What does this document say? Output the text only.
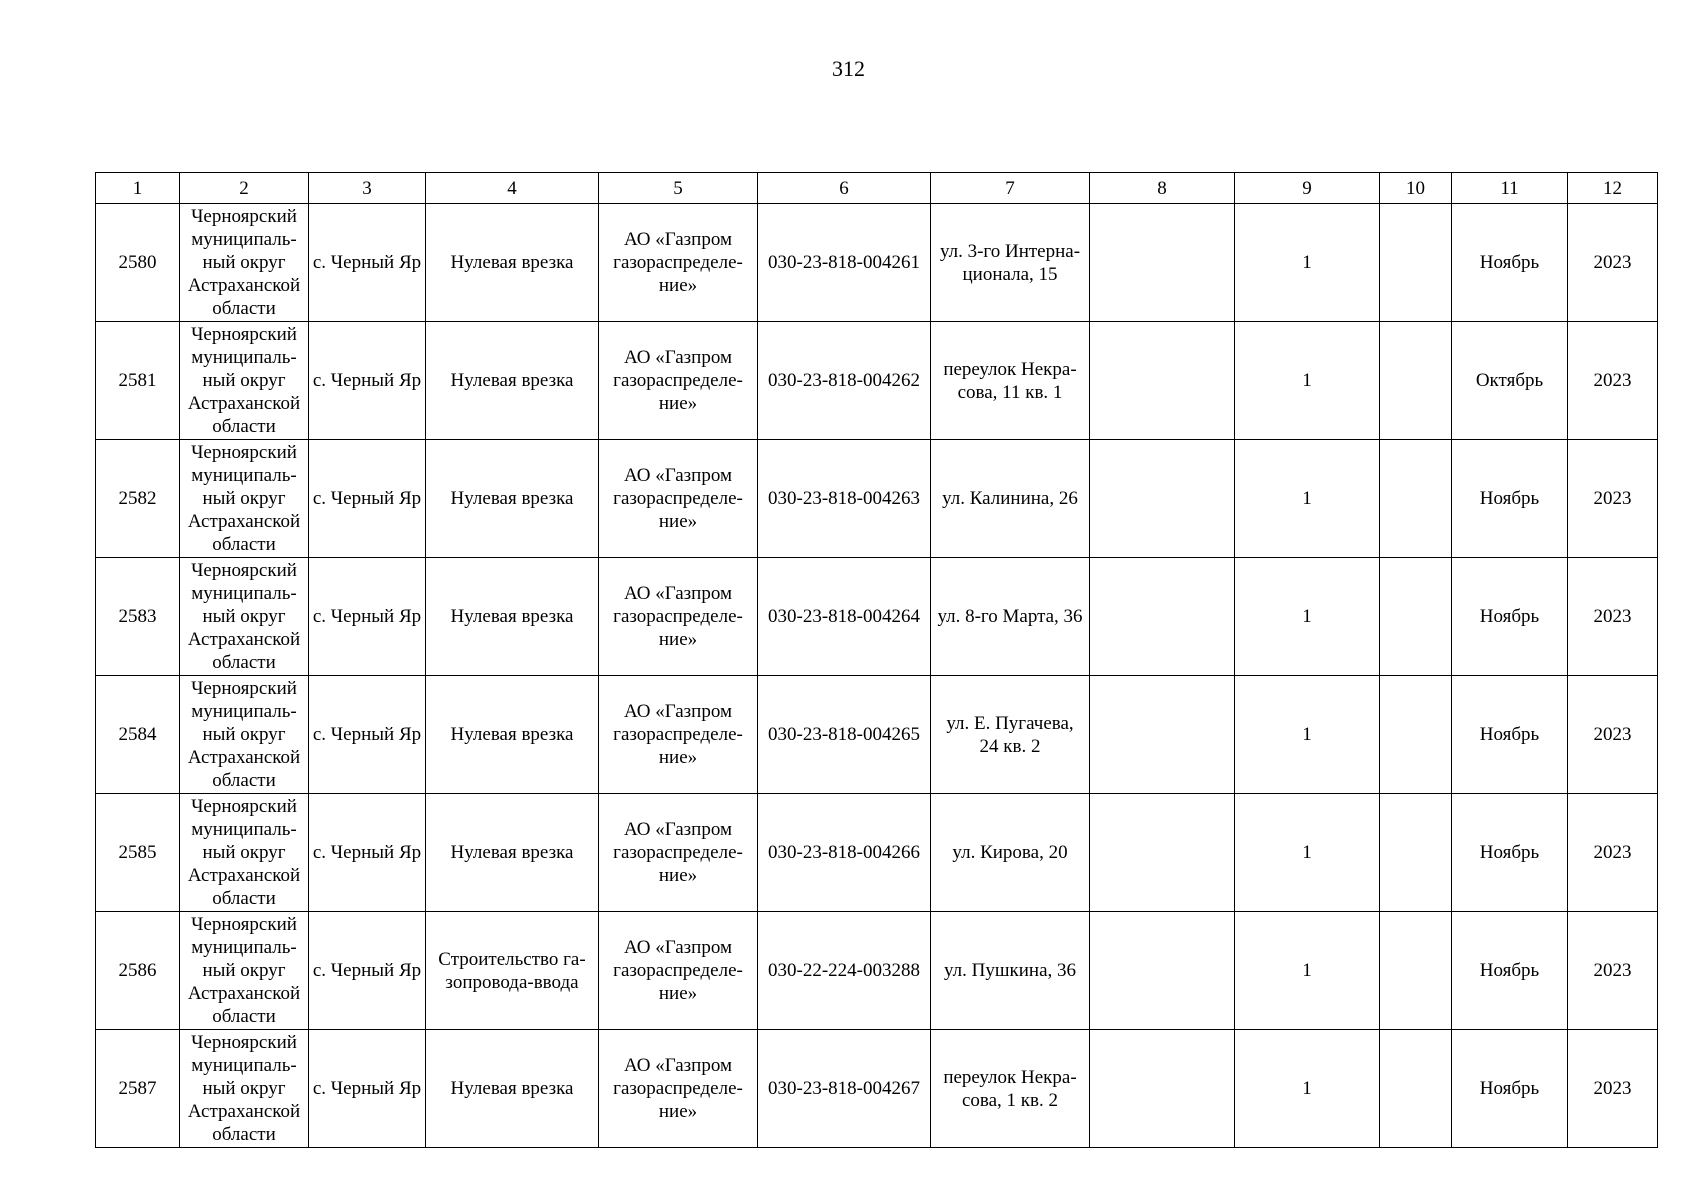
312
1	2	3	4	5	6	7	8	9	10	11	12
2580	Черноярский
муниципаль-
ный округ
Астраханской
области	с. Черный Яр	Нулевая врезка	АО «Газпром
газораспределе-
ние»	030-23-818-004261	ул. 3-го Интерна-
ционала, 15		1		Ноябрь	2023
2581	Черноярский
муниципаль-
ный округ
Астраханской
области	с. Черный Яр	Нулевая врезка	АО «Газпром
газораспределе-
ние»	030-23-818-004262	переулок Некра-
сова, 11 кв. 1		1		Октябрь	2023
2582	Черноярский
муниципаль-
ный округ
Астраханской
области	с. Черный Яр	Нулевая врезка	АО «Газпром
газораспределе-
ние»	030-23-818-004263	ул. Калинина, 26		1		Ноябрь	2023
2583	Черноярский
муниципаль-
ный округ
Астраханской
области	с. Черный Яр	Нулевая врезка	АО «Газпром
газораспределе-
ние»	030-23-818-004264	ул. 8-го Марта, 36		1		Ноябрь	2023
2584	Черноярский
муниципаль-
ный округ
Астраханской
области	с. Черный Яр	Нулевая врезка	АО «Газпром
газораспределе-
ние»	030-23-818-004265	ул. Е. Пугачева,
24 кв. 2		1		Ноябрь	2023
2585	Черноярский
муниципаль-
ный округ
Астраханской
области	с. Черный Яр	Нулевая врезка	АО «Газпром
газораспределе-
ние»	030-23-818-004266	ул. Кирова, 20		1		Ноябрь	2023
2586	Черноярский
муниципаль-
ный округ
Астраханской
области	с. Черный Яр	Строительство га-
зопровода-ввода	АО «Газпром
газораспределе-
ние»	030-22-224-003288	ул. Пушкина, 36		1		Ноябрь	2023
2587	Черноярский
муниципаль-
ный округ
Астраханской
области	с. Черный Яр	Нулевая врезка	АО «Газпром
газораспределе-
ние»	030-23-818-004267	переулок Некра-
сова, 1 кв. 2		1		Ноябрь	2023
